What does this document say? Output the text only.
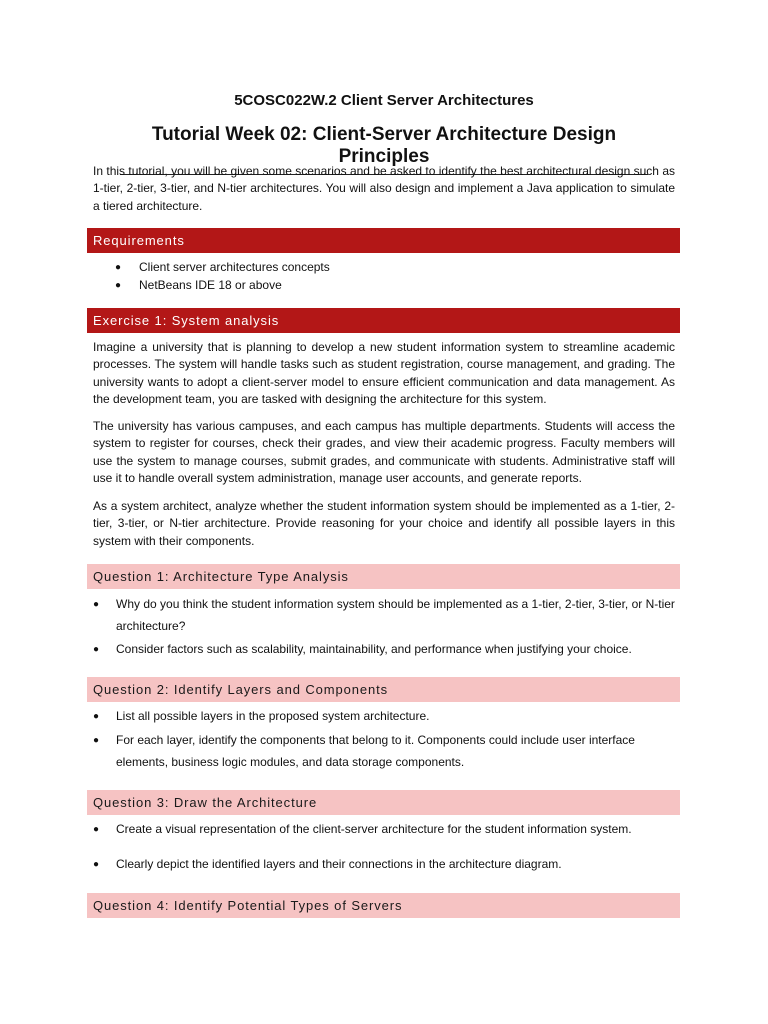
5COSC022W.2 Client Server Architectures
Tutorial Week 02: Client-Server Architecture Design Principles

In this tutorial, you will be given some scenarios and be asked to identify the best architectural design such as 1-tier, 2-tier, 3-tier, and N-tier architectures. You will also design and implement a Java application to simulate a tiered architecture.

Requirements
● Client server architectures concepts

● NetBeans IDE 18 or above

Exercise 1: System analysis

Imagine a university that is planning to develop a new student information system to streamline academic processes. The system will handle tasks such as student registration, course management, and grading. The university wants to adopt a client-server model to ensure efficient communication and data management. As the development team, you are tasked with designing the architecture for this system.

The university has various campuses, and each campus has multiple departments. Students will access the system to register for courses, check their grades, and view their academic progress. Faculty members will use the system to manage courses, submit grades, and communicate with students. Administrative staff will use it to handle overall system administration, manage user accounts, and generate reports.

As a system architect, analyze whether the student information system should be implemented as a 1-tier, 2-tier, 3-tier, or N-tier architecture. Provide reasoning for your choice and identify all possible layers in this system with their components.

Question 1: Architecture Type Analysis
● Why do you think the student information system should be implemented as a 1-tier, 2-tier, 3-tier, or N-tier architecture?

● Consider factors such as scalability, maintainability, and performance when justifying your choice.

Question 2: Identify Layers and Components
● List all possible layers in the proposed system architecture.

● For each layer, identify the components that belong to it. Components could include user interface elements, business logic modules, and data storage components.

Question 3: Draw the Architecture
● Create a visual representation of the client-server architecture for the student information system.

● Clearly depict the identified layers and their connections in the architecture diagram.

Question 4: Identify Potential Types of Servers
